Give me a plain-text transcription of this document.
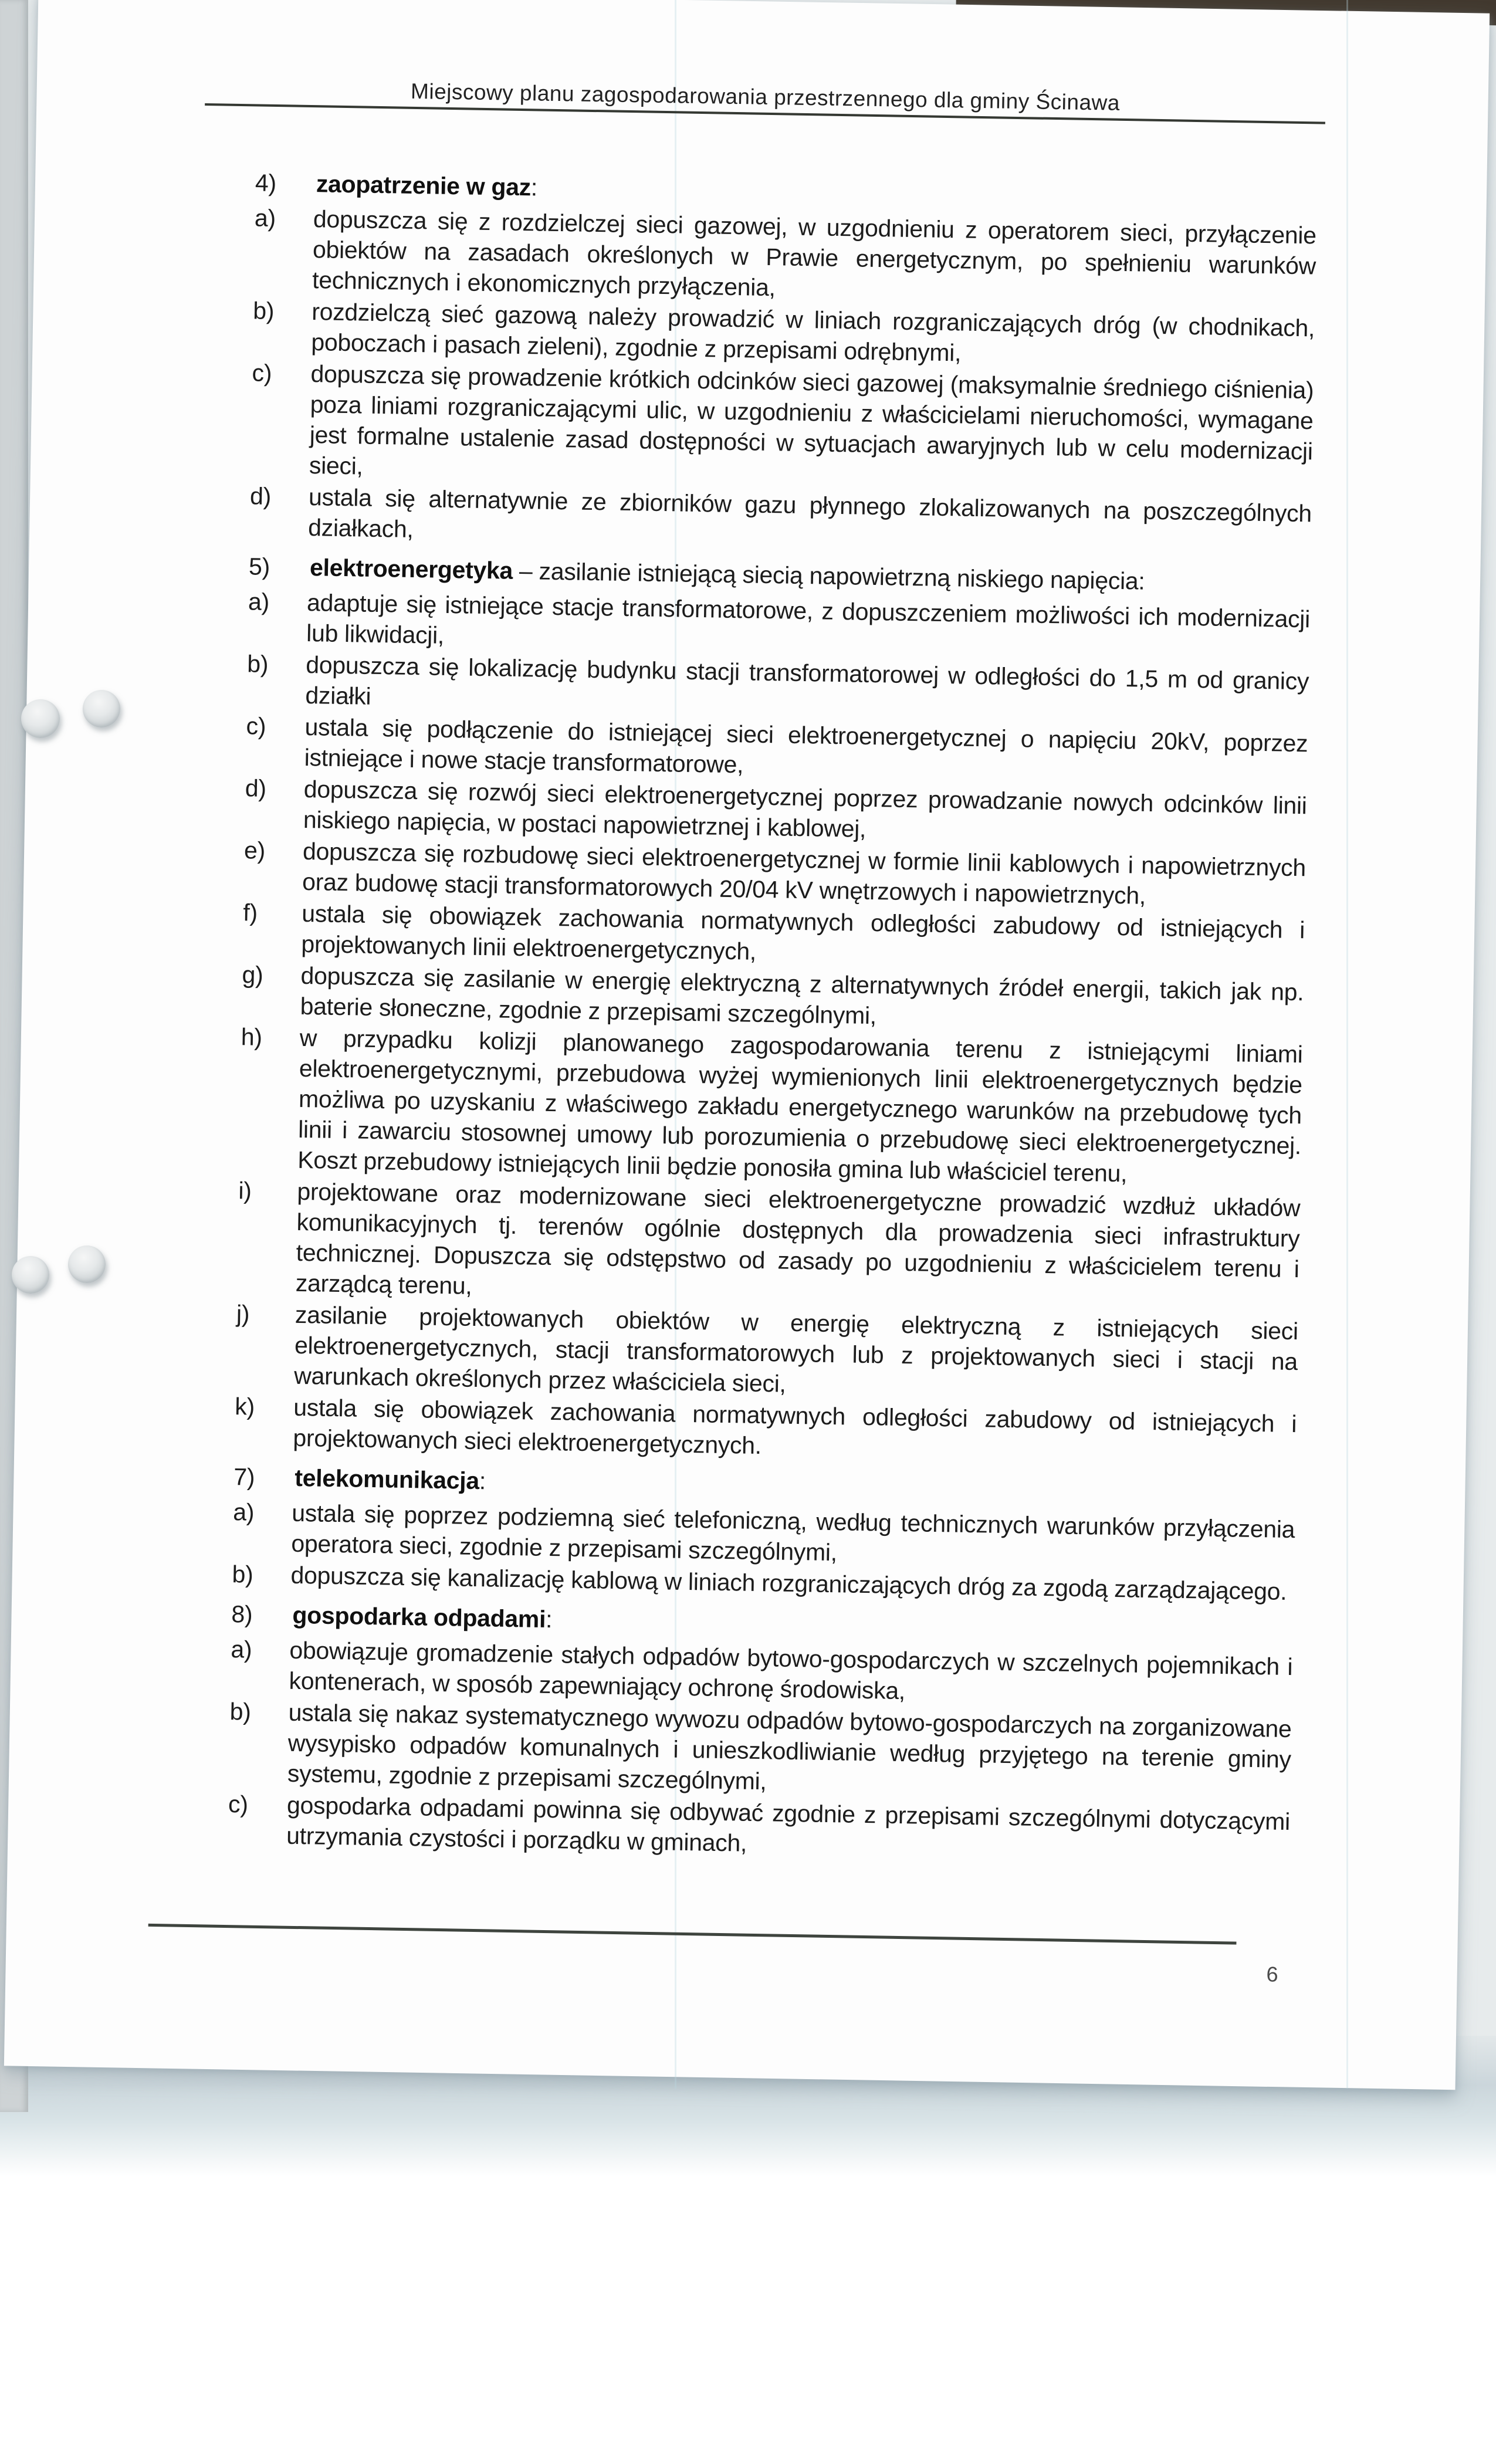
Miejscowy planu zagospodarowania przestrzennego dla gminy Ścinawa
4)	zaopatrzenie w gaz:
a)	dopuszcza się z rozdzielczej sieci gazowej, w uzgodnieniu z operatorem sieci, przyłączenie obiektów na zasadach określonych w Prawie energetycznym, po spełnieniu warunków technicznych i ekonomicznych przyłączenia,
b)	rozdzielczą sieć gazową należy prowadzić w liniach rozgraniczających dróg (w chodnikach, poboczach i pasach zieleni), zgodnie z przepisami odrębnymi,
c)	dopuszcza się prowadzenie krótkich odcinków sieci gazowej (maksymalnie średniego ciśnienia) poza liniami rozgraniczającymi ulic, w uzgodnieniu z właścicielami nieruchomości, wymagane jest formalne ustalenie zasad dostępności w sytuacjach awaryjnych lub w celu modernizacji sieci,
d)	ustala się alternatywnie ze zbiorników gazu płynnego zlokalizowanych na poszczególnych działkach,
5)	elektroenergetyka – zasilanie istniejącą siecią napowietrzną niskiego napięcia:
a)	adaptuje się istniejące stacje transformatorowe, z dopuszczeniem możliwości ich modernizacji lub likwidacji,
b)	dopuszcza się lokalizację budynku stacji transformatorowej w odległości do 1,5 m od granicy działki
c)	ustala się podłączenie do istniejącej sieci elektroenergetycznej o napięciu 20kV, poprzez istniejące i nowe stacje transformatorowe,
d)	dopuszcza się rozwój sieci elektroenergetycznej poprzez prowadzanie nowych odcinków linii niskiego napięcia, w postaci napowietrznej i kablowej,
e)	dopuszcza się rozbudowę sieci elektroenergetycznej w formie linii kablowych i napowietrznych oraz budowę stacji transformatorowych 20/04 kV wnętrzowych i napowietrznych,
f)	ustala się obowiązek zachowania normatywnych odległości zabudowy od istniejących i projektowanych linii elektroenergetycznych,
g)	dopuszcza się zasilanie w energię elektryczną z alternatywnych źródeł energii, takich jak np. baterie słoneczne, zgodnie z przepisami szczególnymi,
h)	w przypadku kolizji planowanego zagospodarowania terenu z istniejącymi liniami elektroenergetycznymi, przebudowa wyżej wymienionych linii elektroenergetycznych będzie możliwa po uzyskaniu z właściwego zakładu energetycznego warunków na przebudowę tych linii i zawarciu stosownej umowy lub porozumienia o przebudowę sieci elektroenergetycznej. Koszt przebudowy istniejących linii będzie ponosiła gmina lub właściciel terenu,
i)	projektowane oraz modernizowane sieci elektroenergetyczne prowadzić wzdłuż układów komunikacyjnych tj. terenów ogólnie dostępnych dla prowadzenia sieci infrastruktury technicznej. Dopuszcza się odstępstwo od zasady po uzgodnieniu z właścicielem terenu i zarządcą terenu,
j)	zasilanie projektowanych obiektów w energię elektryczną z istniejących sieci elektroenergetycznych, stacji transformatorowych lub z projektowanych sieci i stacji na warunkach określonych przez właściciela sieci,
k)	ustala się obowiązek zachowania normatywnych odległości zabudowy od istniejących i projektowanych sieci elektroenergetycznych.
7)	telekomunikacja:
a)	ustala się poprzez podziemną sieć telefoniczną, według technicznych warunków przyłączenia operatora sieci, zgodnie z przepisami szczególnymi,
b)	dopuszcza się kanalizację kablową w liniach rozgraniczających dróg za zgodą zarządzającego.
8)	gospodarka odpadami:
a)	obowiązuje gromadzenie stałych odpadów bytowo-gospodarczych w szczelnych pojemnikach i kontenerach, w sposób zapewniający ochronę środowiska,
b)	ustala się nakaz systematycznego wywozu odpadów bytowo-gospodarczych na zorganizowane wysypisko odpadów komunalnych i unieszkodliwianie według przyjętego na terenie gminy systemu, zgodnie z przepisami szczególnymi,
c)	gospodarka odpadami powinna się odbywać zgodnie z przepisami szczególnymi dotyczącymi utrzymania czystości i porządku w gminach,
6
